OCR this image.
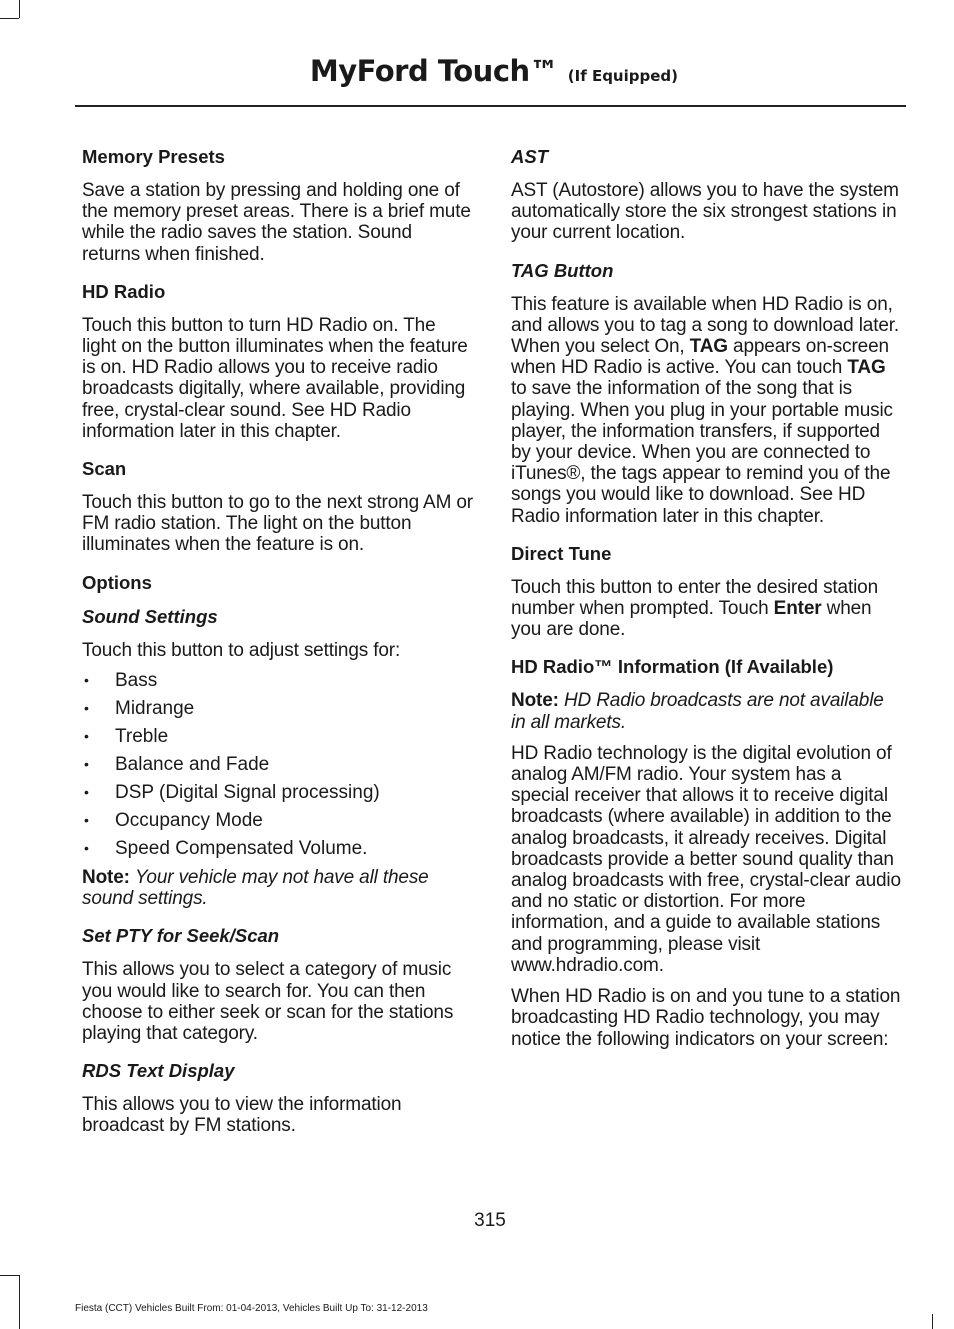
MyFord Touch™ (If Equipped)
Memory Presets

Save a station by pressing and holding one of the memory preset areas. There is a brief mute while the radio saves the station. Sound returns when finished.

HD Radio

Touch this button to turn HD Radio on. The light on the button illuminates when the feature is on. HD Radio allows you to receive radio broadcasts digitally, where available, providing free, crystal-clear sound. See HD Radio information later in this chapter.

Scan

Touch this button to go to the next strong AM or FM radio station. The light on the button illuminates when the feature is on.

Options
Sound Settings

Touch this button to adjust settings for:

• Bass
• Midrange
• Treble
• Balance and Fade
• DSP (Digital Signal processing)
• Occupancy Mode
• Speed Compensated Volume.

Note: Your vehicle may not have all these sound settings.

Set PTY for Seek/Scan

This allows you to select a category of music you would like to search for. You can then choose to either seek or scan for the stations playing that category.

RDS Text Display

This allows you to view the information broadcast by FM stations.

AST

AST (Autostore) allows you to have the system automatically store the six strongest stations in your current location.

TAG Button

This feature is available when HD Radio is on, and allows you to tag a song to download later. When you select On, TAG appears on-screen when HD Radio is active. You can touch TAG to save the information of the song that is playing. When you plug in your portable music player, the information transfers, if supported by your device. When you are connected to iTunes®, the tags appear to remind you of the songs you would like to download. See HD Radio information later in this chapter.

Direct Tune

Touch this button to enter the desired station number when prompted. Touch Enter when you are done.

HD Radio™ Information (If Available)

Note: HD Radio broadcasts are not available in all markets.

HD Radio technology is the digital evolution of analog AM/FM radio. Your system has a special receiver that allows it to receive digital broadcasts (where available) in addition to the analog broadcasts, it already receives. Digital broadcasts provide a better sound quality than analog broadcasts with free, crystal-clear audio and no static or distortion. For more information, and a guide to available stations and programming, please visit www.hdradio.com.

When HD Radio is on and you tune to a station broadcasting HD Radio technology, you may notice the following indicators on your screen:

315
Fiesta (CCT) Vehicles Built From: 01-04-2013, Vehicles Built Up To: 31-12-2013
